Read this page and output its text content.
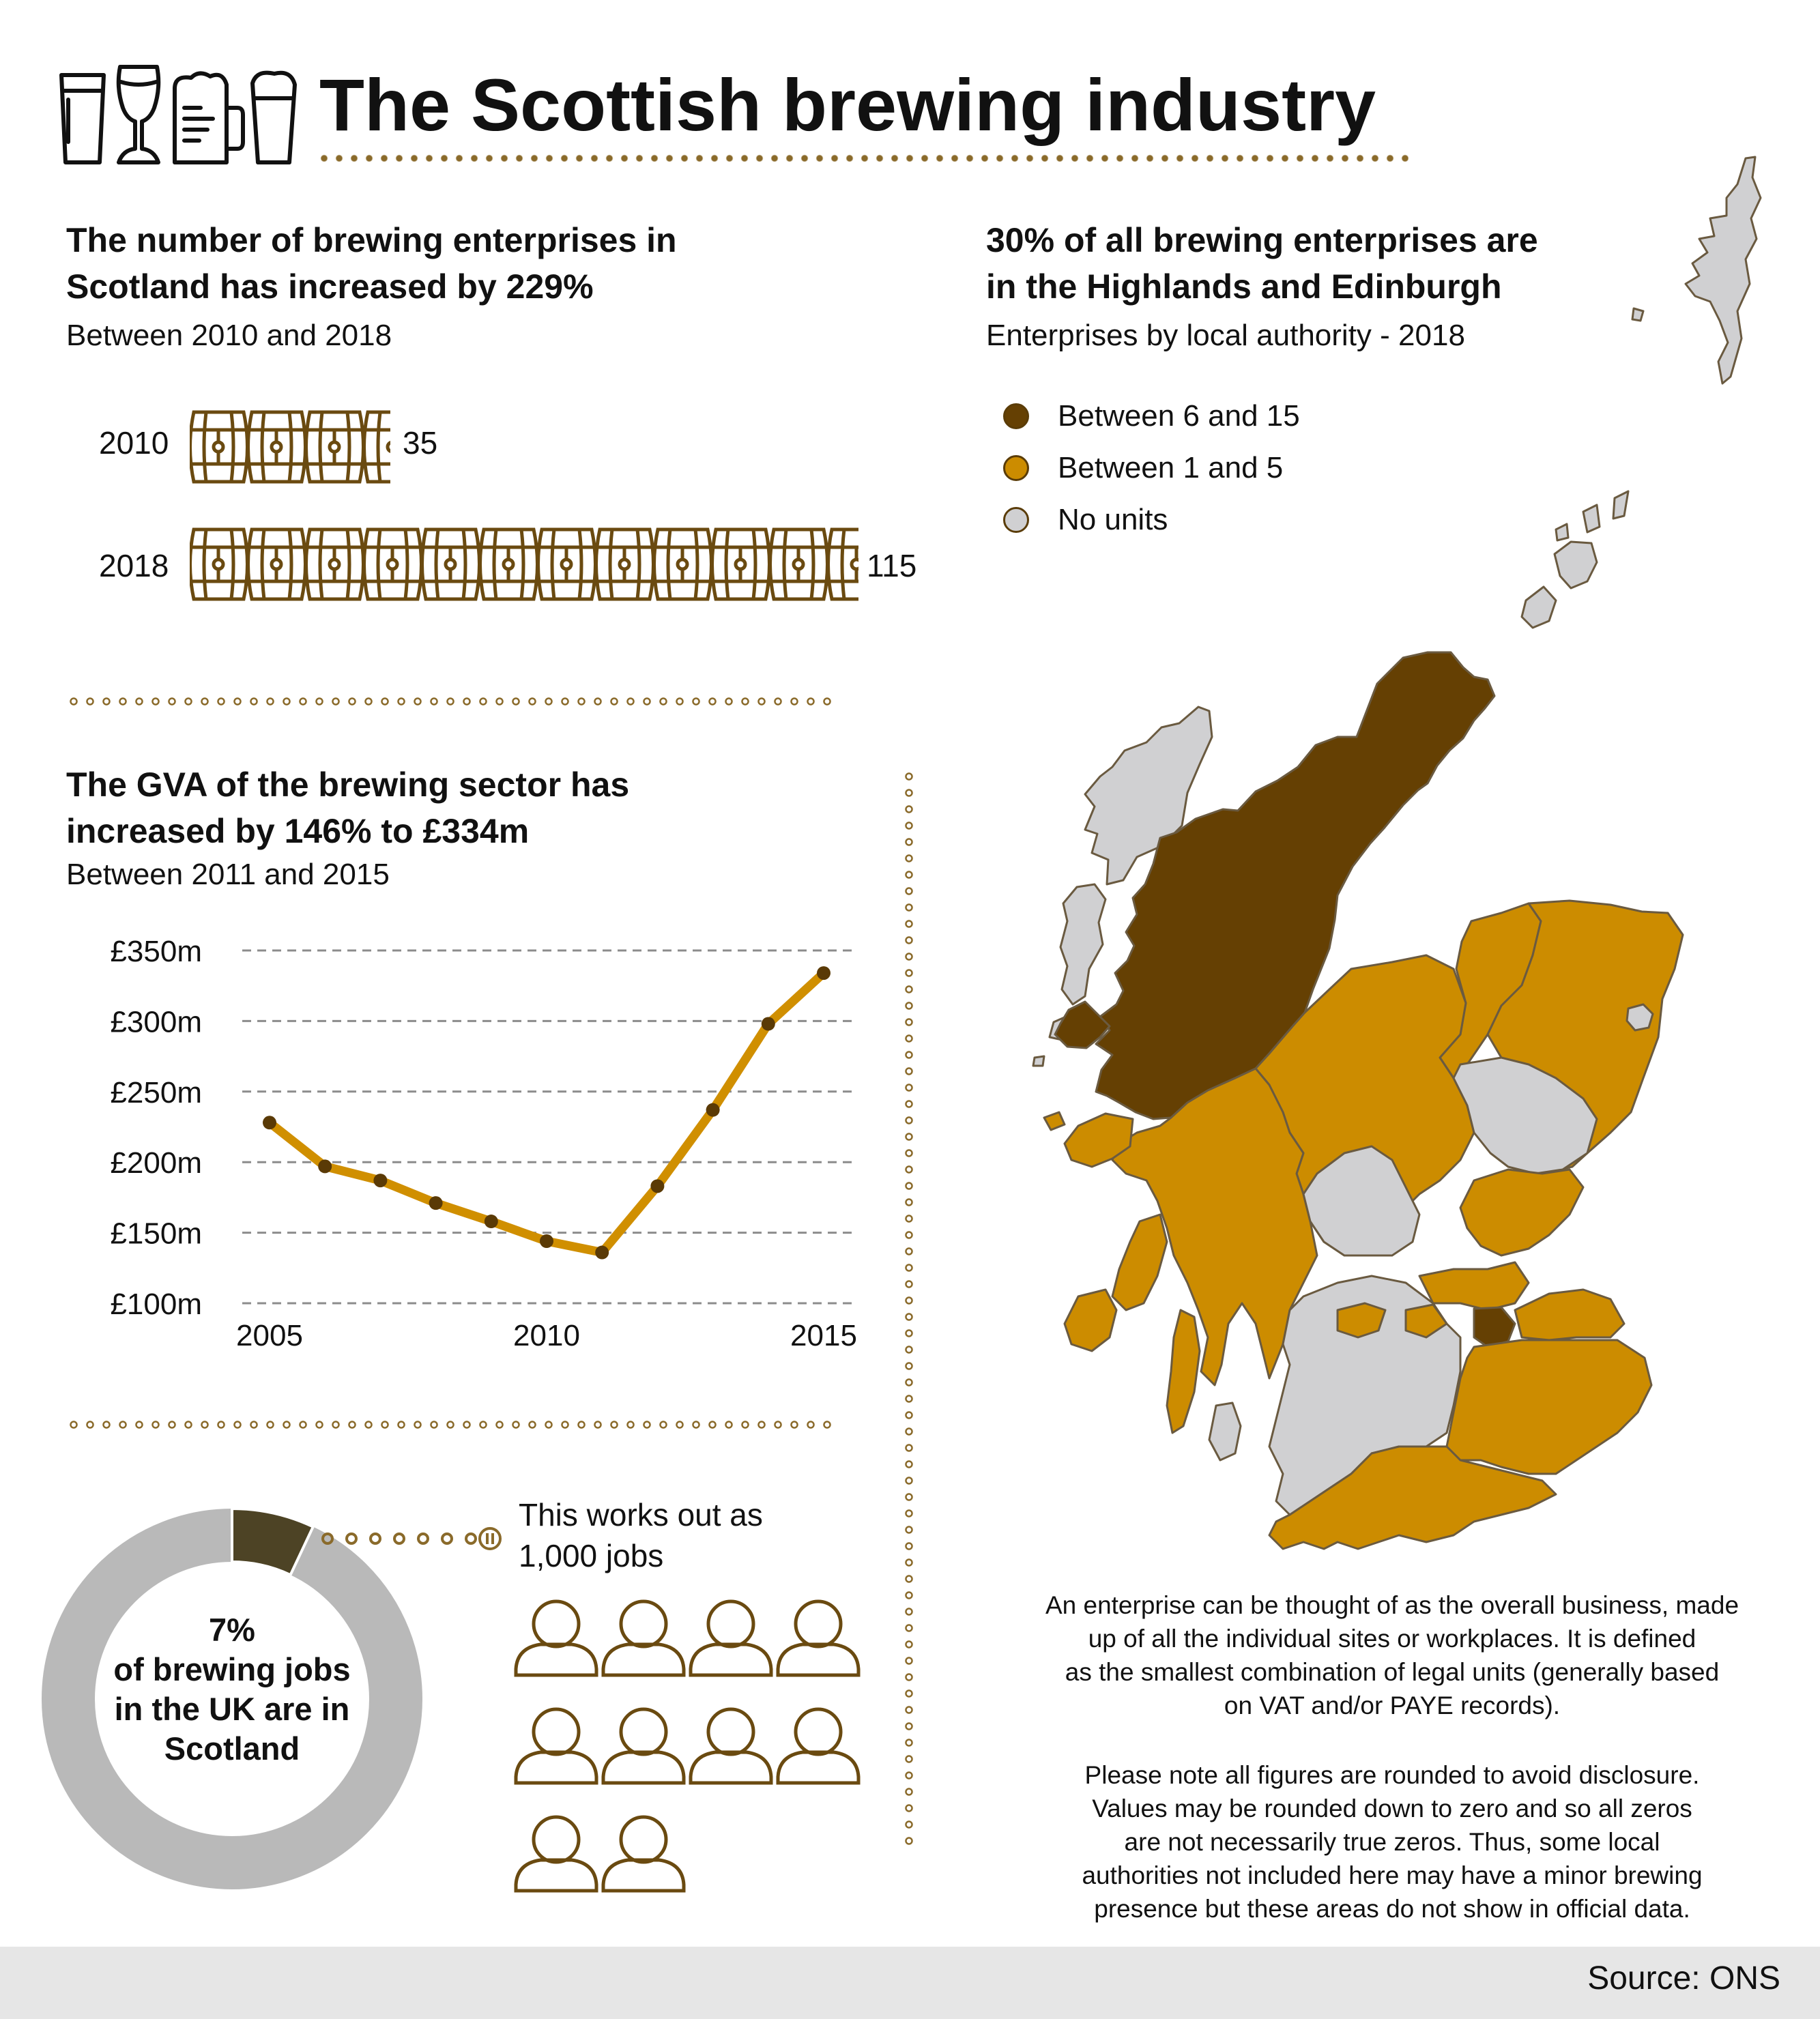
The Scottish brewing industry
The number of brewing enterprises in
Scotland has increased by 229%

Between 2010 and 2018

2010	35
2018	115
The GVA of the brewing sector has
increased by 146% to £334m

Between 2011 and 2015

£100m
£150m
£200m
£250m
£300m
£350m
2005	2010	2015
7%
of brewing jobs
in the UK are in
Scotland
This works out as
1,000 jobs
30% of all brewing enterprises are
in the Highlands and Edinburgh

Enterprises by local authority - 2018

Between 6 and 15
Between 1 and 5
No units
An enterprise can be thought of as the overall business, made
up of all the individual sites or workplaces. It is defined
as the smallest combination of legal units (generally based
on VAT and/or PAYE records).
Please note all figures are rounded to avoid disclosure.
Values may be rounded down to zero and so all zeros
are not necessarily true zeros. Thus, some local
authorities not included here may have a minor brewing
presence but these areas do not show in official data.
Source: ONS
